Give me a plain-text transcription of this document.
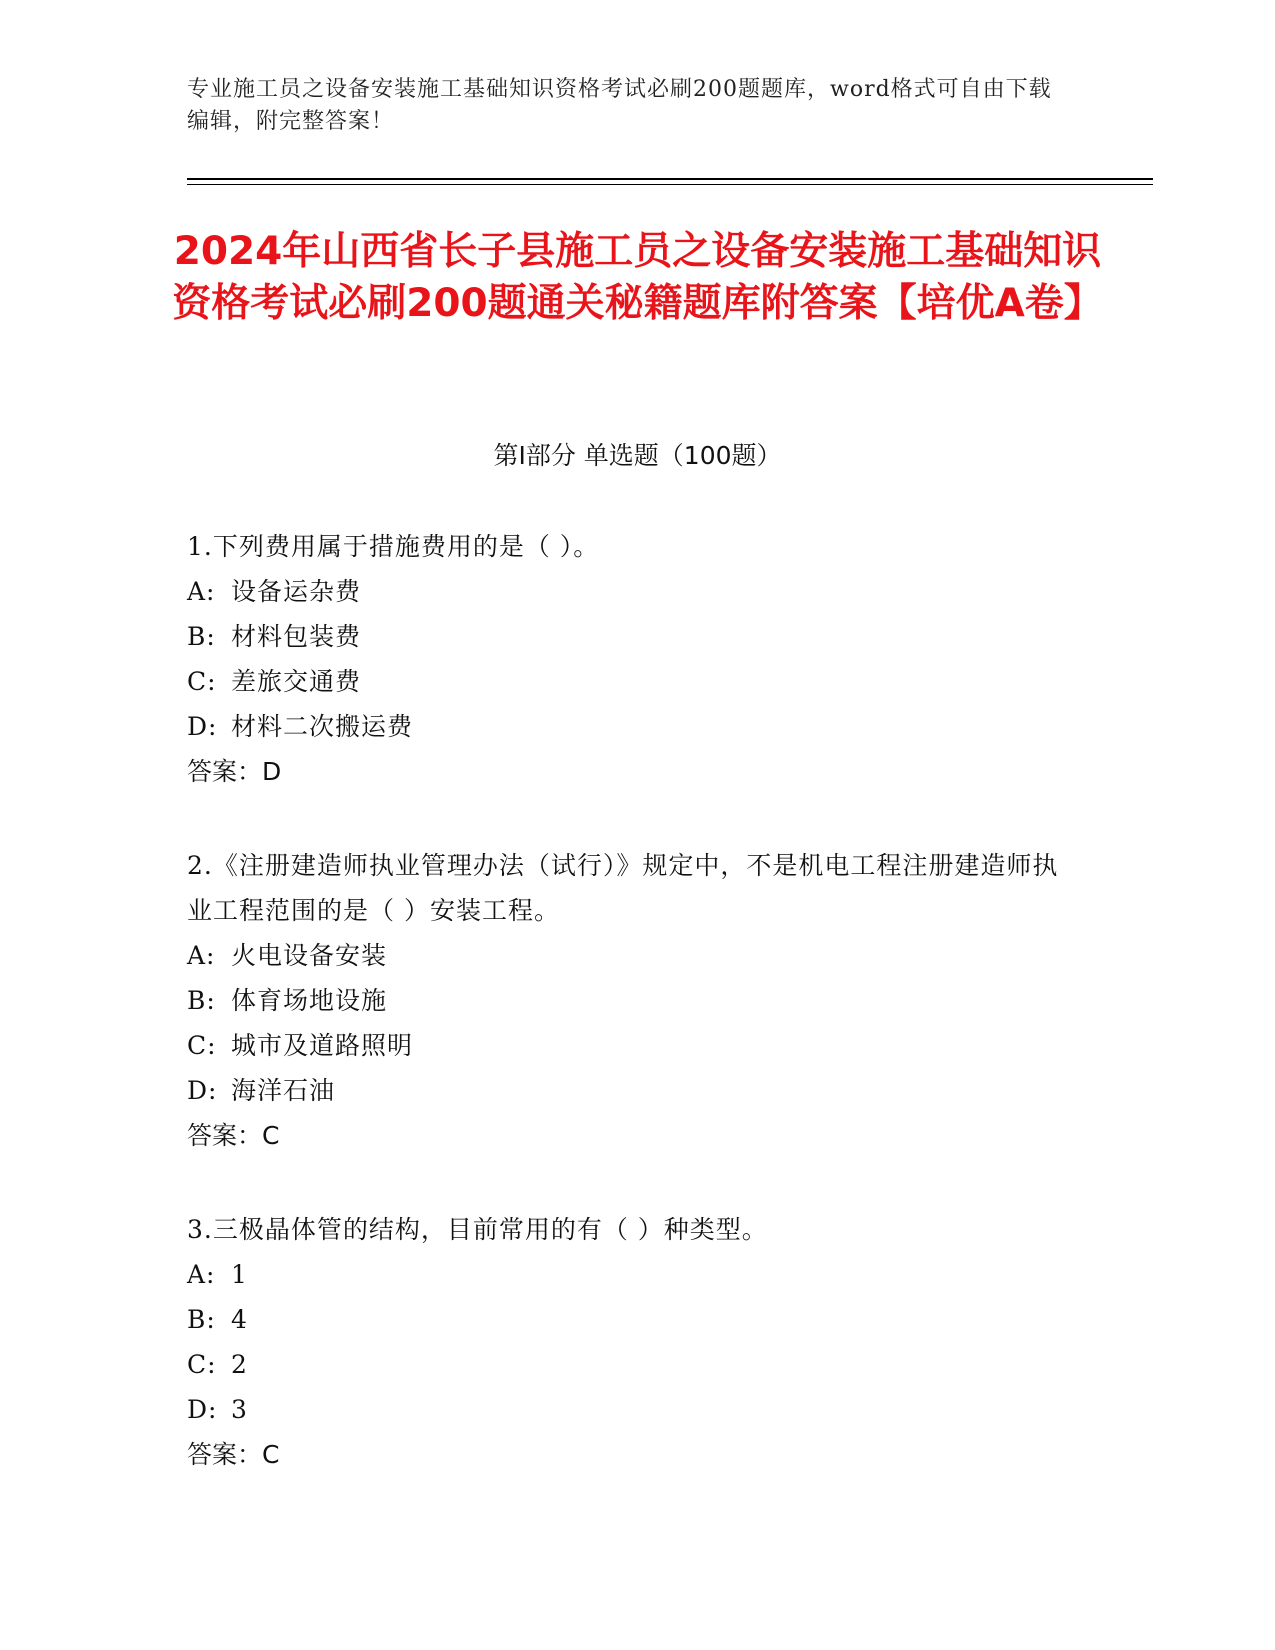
专业施工员之设备安装施工基础知识资格考试必刷200题题库，word格式可自由下载编辑，附完整答案！
2024年山西省长子县施工员之设备安装施工基础知识资格考试必刷200题通关秘籍题库附答案【培优A卷】
第Ⅰ部分 单选题（100题）

1.下列费用属于措施费用的是（ ）。

A: 设备运杂费

B: 材料包装费

C: 差旅交通费

D: 材料二次搬运费

答案：D

2.《注册建造师执业管理办法（试行）》规定中，不是机电工程注册建造师执业工程范围的是（ ）安装工程。

A: 火电设备安装

B: 体育场地设施

C: 城市及道路照明

D: 海洋石油

答案：C

3.三极晶体管的结构，目前常用的有（ ）种类型。

A: 1

B: 4

C: 2

D: 3

答案：C
